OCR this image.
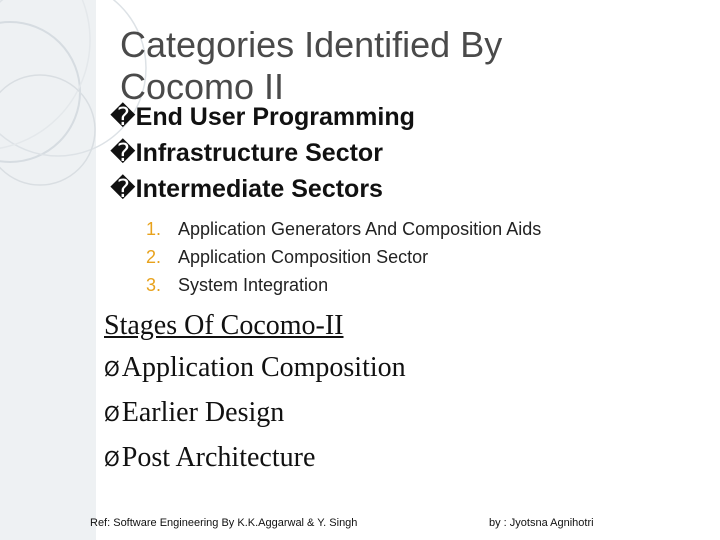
Categories Identified By Cocomo II
�End User Programming
�Infrastructure Sector
�Intermediate Sectors
1. Application Generators And Composition Aids
2. Application Composition Sector
3. System Integration
Stages Of Cocomo-II
ØApplication Composition
ØEarlier Design
ØPost Architecture
Ref: Software Engineering By K.K.Aggarwal & Y. Singh	by : Jyotsna Agnihotri
